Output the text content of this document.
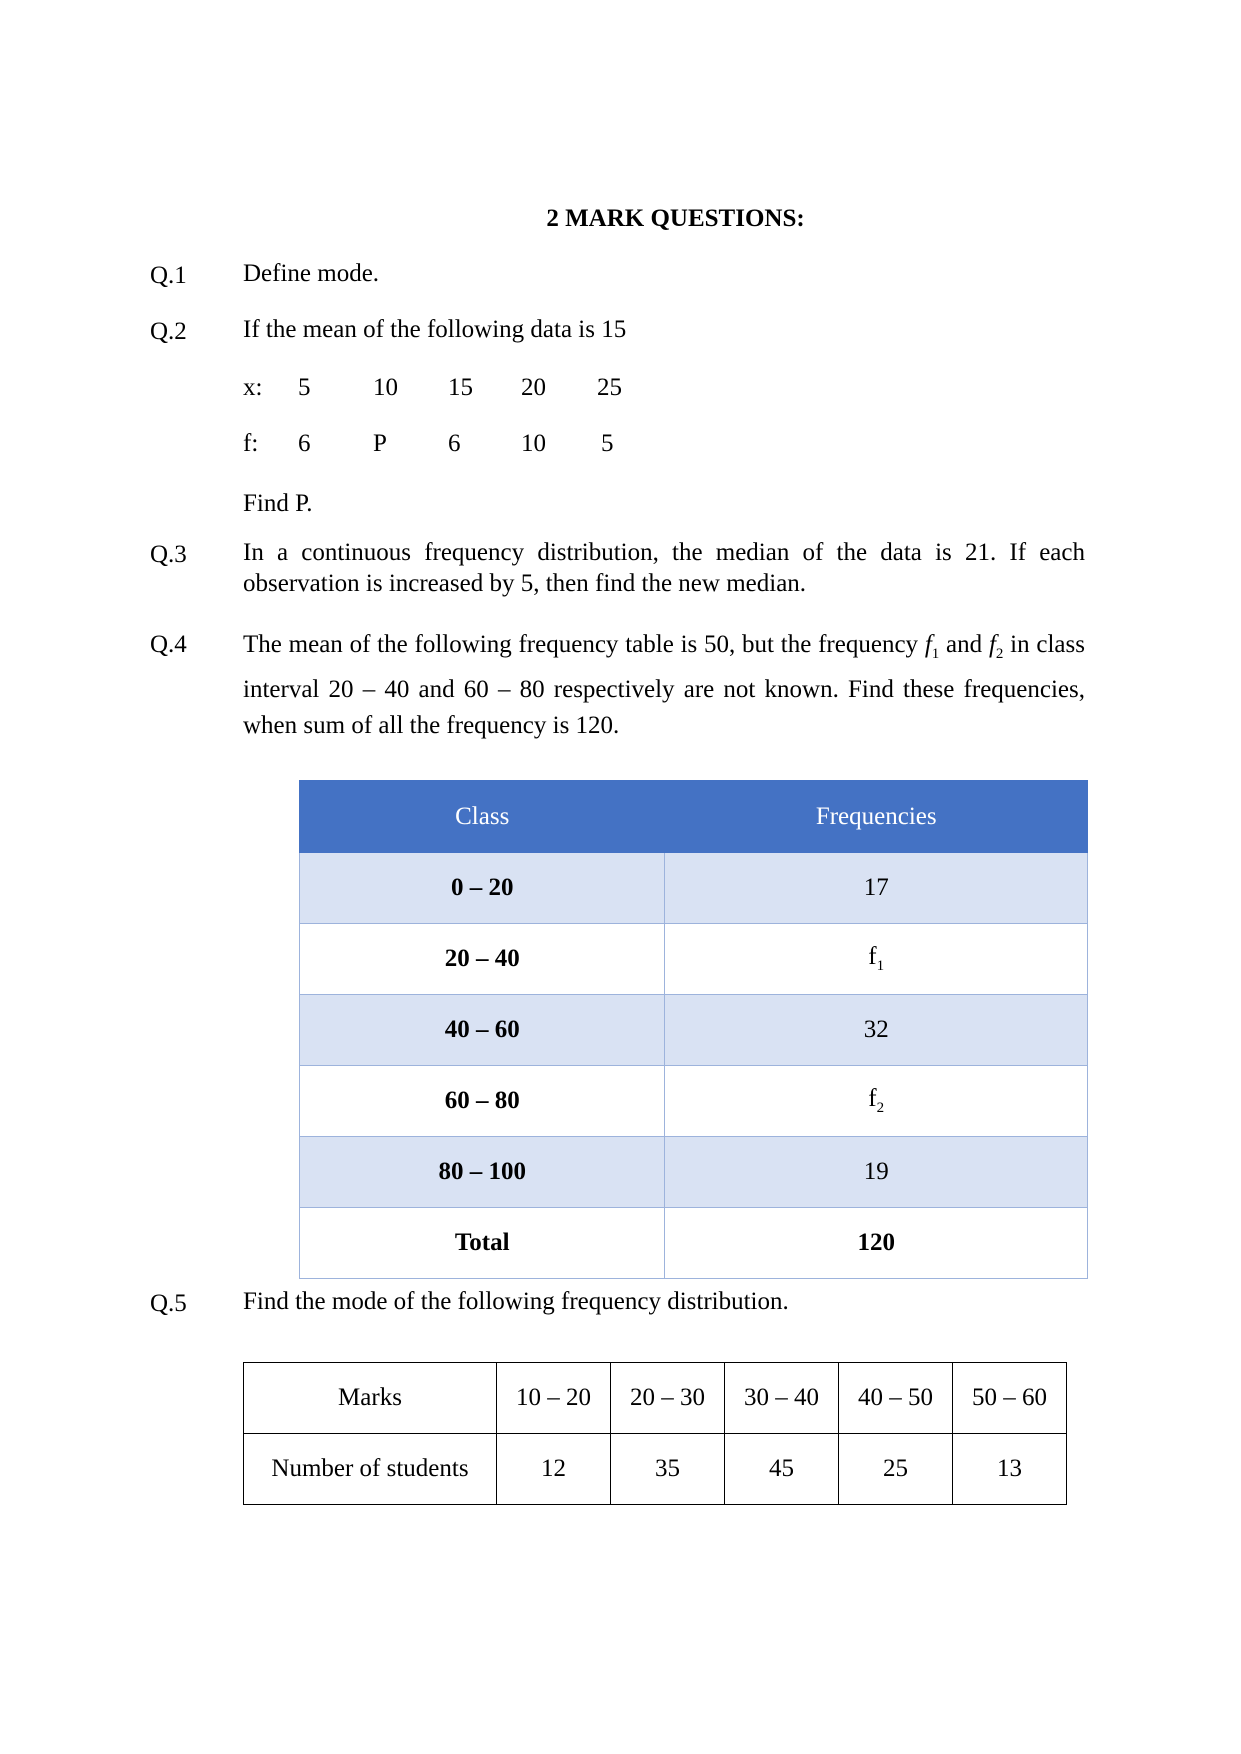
2 MARK QUESTIONS:
Q.1 Define mode.
Q.2 If the mean of the following data is 15
x: 5	10 15 20 25
f: 6	P 6 10 5
Find P.
Q.3 In a continuous frequency distribution, the median of the data is 21. If each observation is increased by 5, then find the new median.
Q.4 The mean of the following frequency table is 50, but the frequency $f_1$ and $f_2$ in class interval 20 – 40 and 60 – 80 respectively are not known. Find these frequencies, when sum of all the frequency is 120.
Class	Frequencies
0 – 20	17
20 – 40	$f_1$
40 – 60	32
60 – 80	$f_2$
80 – 100	19
Total	120
Q.5 Find the mode of the following frequency distribution.
Marks	10 – 20	20 – 30	30 – 40	40 – 50	50 – 60
Number of students	12	35	45	25	13
